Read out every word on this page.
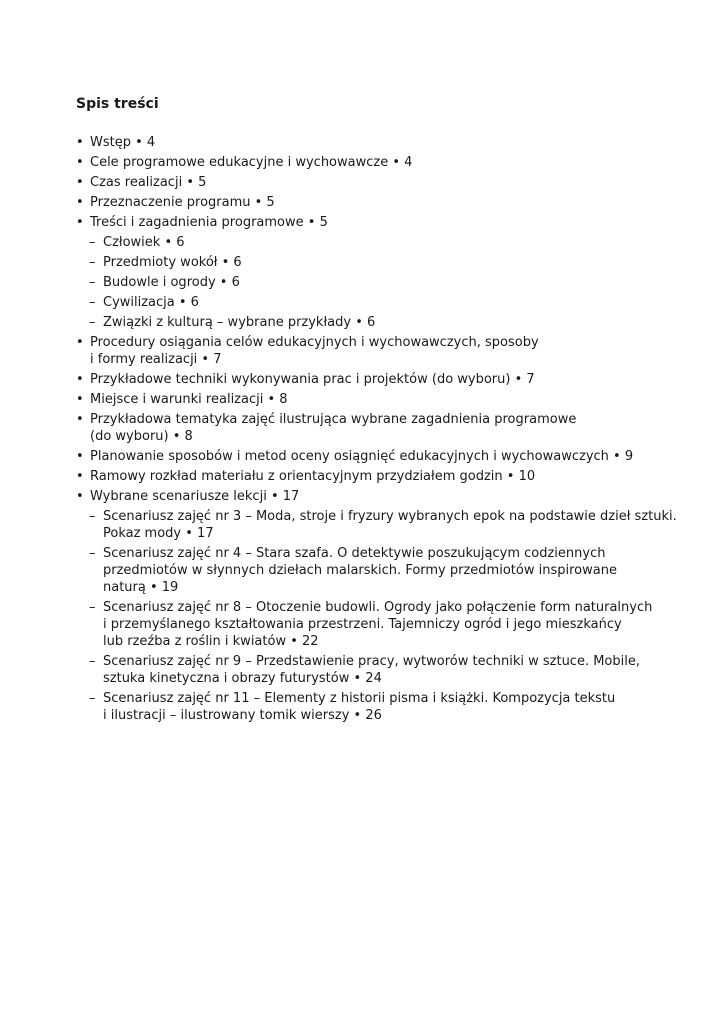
Spis treści
• Wstęp • 4
• Cele programowe edukacyjne i wychowawcze • 4
• Czas realizacji • 5
• Przeznaczenie programu • 5
• Treści i zagadnienia programowe • 5
– Człowiek • 6
– Przedmioty wokół • 6
– Budowle i ogrody • 6
– Cywilizacja • 6
– Związki z kulturą – wybrane przykłady • 6
• Procedury osiągania celów edukacyjnych i wychowawczych, sposoby
i formy realizacji • 7
• Przykładowe techniki wykonywania prac i projektów (do wyboru) • 7
• Miejsce i warunki realizacji • 8
• Przykładowa tematyka zajęć ilustrująca wybrane zagadnienia programowe
(do wyboru) • 8
• Planowanie sposobów i metod oceny osiągnięć edukacyjnych i wychowawczych • 9
• Ramowy rozkład materiału z orientacyjnym przydziałem godzin • 10
• Wybrane scenariusze lekcji • 17
– Scenariusz zajęć nr 3 – Moda, stroje i fryzury wybranych epok na podstawie dzieł sztuki.
Pokaz mody • 17
– Scenariusz zajęć nr 4 – Stara szafa. O detektywie poszukującym codziennych
przedmiotów w słynnych dziełach malarskich. Formy przedmiotów inspirowane
naturą • 19
– Scenariusz zajęć nr 8 – Otoczenie budowli. Ogrody jako połączenie form naturalnych
i przemyślanego kształtowania przestrzeni. Tajemniczy ogród i jego mieszkańcy
lub rzeźba z roślin i kwiatów • 22
– Scenariusz zajęć nr 9 – Przedstawienie pracy, wytworów techniki w sztuce. Mobile,
sztuka kinetyczna i obrazy futurystów • 24
– Scenariusz zajęć nr 11 – Elementy z historii pisma i książki. Kompozycja tekstu
i ilustracji – ilustrowany tomik wierszy • 26
